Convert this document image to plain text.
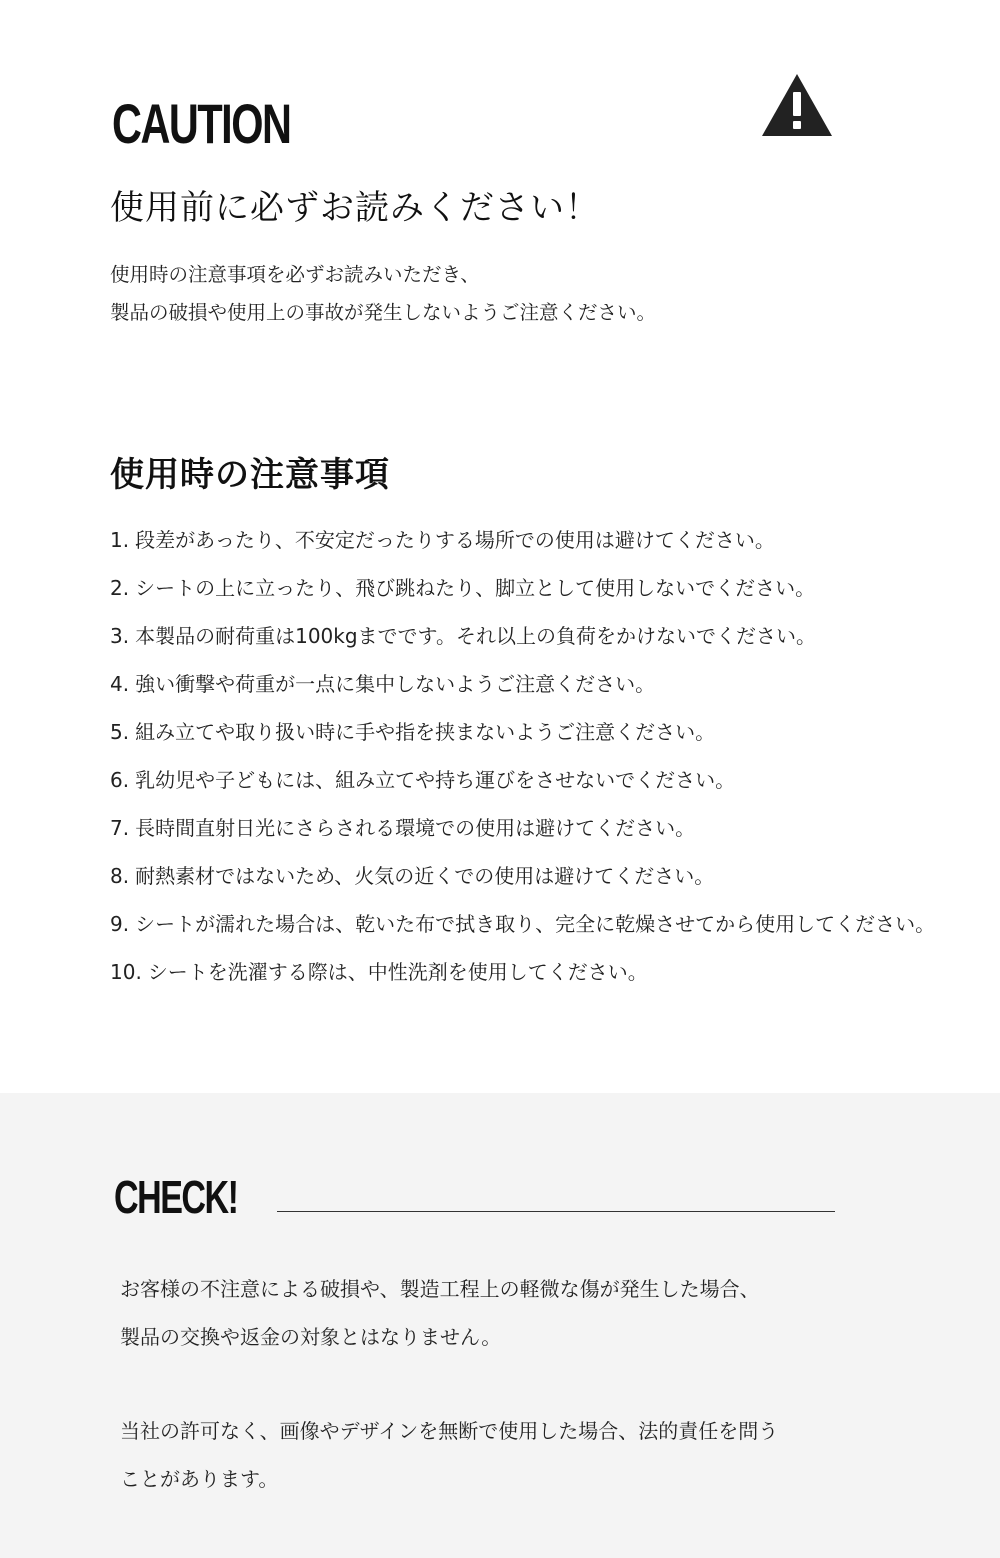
CAUTION
使用前に必ずお読みください！

使用時の注意事項を必ずお読みいただき、
製品の破損や使用上の事故が発生しないようご注意ください。

使用時の注意事項
1. 段差があったり、不安定だったりする場所での使用は避けてください。
2. シートの上に立ったり、飛び跳ねたり、脚立として使用しないでください。
3. 本製品の耐荷重は100kgまでです。それ以上の負荷をかけないでください。
4. 強い衝撃や荷重が一点に集中しないようご注意ください。
5. 組み立てや取り扱い時に手や指を挟まないようご注意ください。
6. 乳幼児や子どもには、組み立てや持ち運びをさせないでください。
7. 長時間直射日光にさらされる環境での使用は避けてください。
8. 耐熱素材ではないため、火気の近くでの使用は避けてください。
9. シートが濡れた場合は、乾いた布で拭き取り、完全に乾燥させてから使用してください。
10. シートを洗濯する際は、中性洗剤を使用してください。
CHECK!

お客様の不注意による破損や、製造工程上の軽微な傷が発生した場合、
製品の交換や返金の対象とはなりません。

当社の許可なく、画像やデザインを無断で使用した場合、法的責任を問う
ことがあります。
